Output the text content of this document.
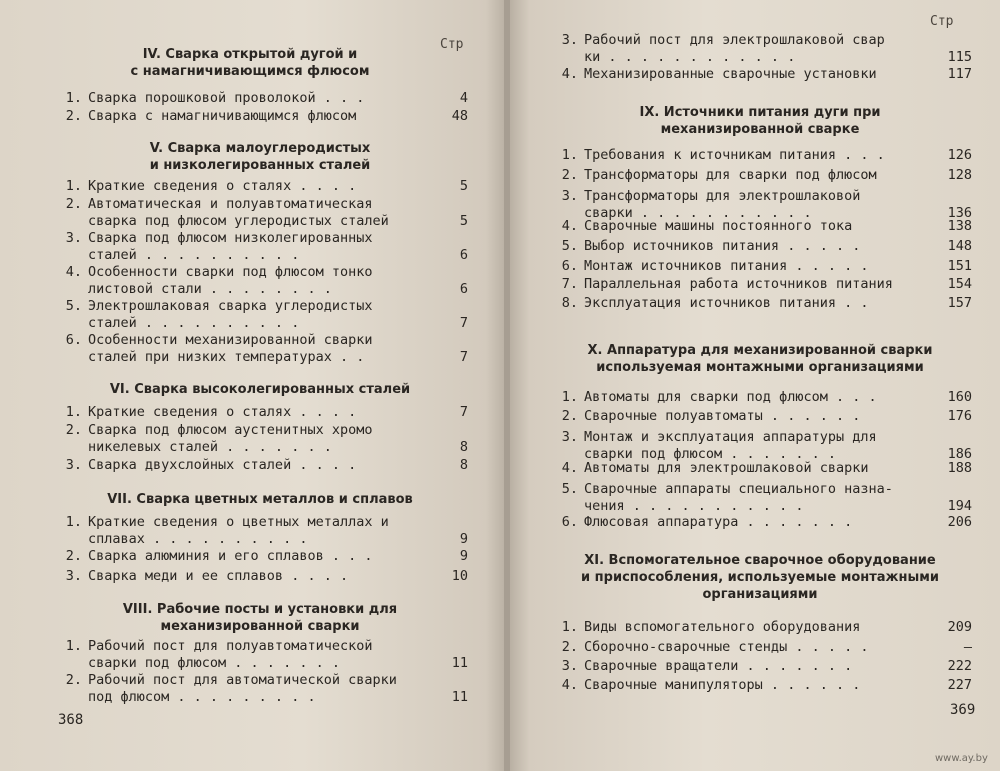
Стр
IV. Сварка открытой дугой и
с намагничивающимся флюсом
1. Сварка порошковой проволокой . . .	4
2. Сварка с намагничивающимся флюсом	48
V. Сварка малоуглеродистых
и низколегированных сталей
1. Краткие сведения о сталях . . . .	5
2. Автоматическая и полуавтоматическая
сварка под флюсом углеродистых сталей	5
3. Сварка под флюсом низколегированных
сталей . . . . . . . . . .	6
4. Особенности сварки под флюсом тонко
листовой стали . . . . . . . .	6
5. Электрошлаковая сварка углеродистых
сталей . . . . . . . . . .	7
6. Особенности механизированной сварки
сталей при низких температурах . .	7
VI. Сварка высоколегированных сталей
1. Краткие сведения о сталях . . . .	7
2. Сварка под флюсом аустенитных хромо
никелевых сталей . . . . . . .	8
3. Сварка двухслойных сталей . . . .	8
VII. Сварка цветных металлов и сплавов
1. Краткие сведения о цветных металлах и
сплавах . . . . . . . . . .	9
2. Сварка алюминия и его сплавов . . .	9
3. Сварка меди и ее сплавов . . . .	10
VIII. Рабочие посты и установки для
механизированной сварки
1. Рабочий пост для полуавтоматической
сварки под флюсом . . . . . . .	11
2. Рабочий пост для автоматической сварки
под флюсом . . . . . . . . .	11
368
Стр
3. Рабочий пост для электрошлаковой свар
ки . . . . . . . . . . . .	115
4. Механизированные сварочные установки	117
IX. Источники питания дуги при
механизированной сварке
1. Требования к источникам питания . . .	126
2. Трансформаторы для сварки под флюсом	128
3. Трансформаторы для электрошлаковой
сварки . . . . . . . . . . .	136
4. Сварочные машины постоянного тока	138
5. Выбор источников питания . . . . .	148
6. Монтаж источников питания . . . . .	151
7. Параллельная работа источников питания	154
8. Эксплуатация источников питания . .	157
X. Аппаратура для механизированной сварки
используемая монтажными организациями
1. Автоматы для сварки под флюсом . . .	160
2. Сварочные полуавтоматы . . . . . .	176
3. Монтаж и эксплуатация аппаратуры для
сварки под флюсом . . . . . . .	186
4. Автоматы для электрошлаковой сварки	188
5. Сварочные аппараты специального назна-
чения . . . . . . . . . . .	194
6. Флюсовая аппаратура . . . . . . .	206
XI. Вспомогательное сварочное оборудование
и приспособления, используемые монтажными
организациями
1. Виды вспомогательного оборудования	209
2. Сборочно-сварочные стенды . . . . .	—
3. Сварочные вращатели . . . . . . .	222
4. Сварочные манипуляторы . . . . . .	227
369
www.ay.by
